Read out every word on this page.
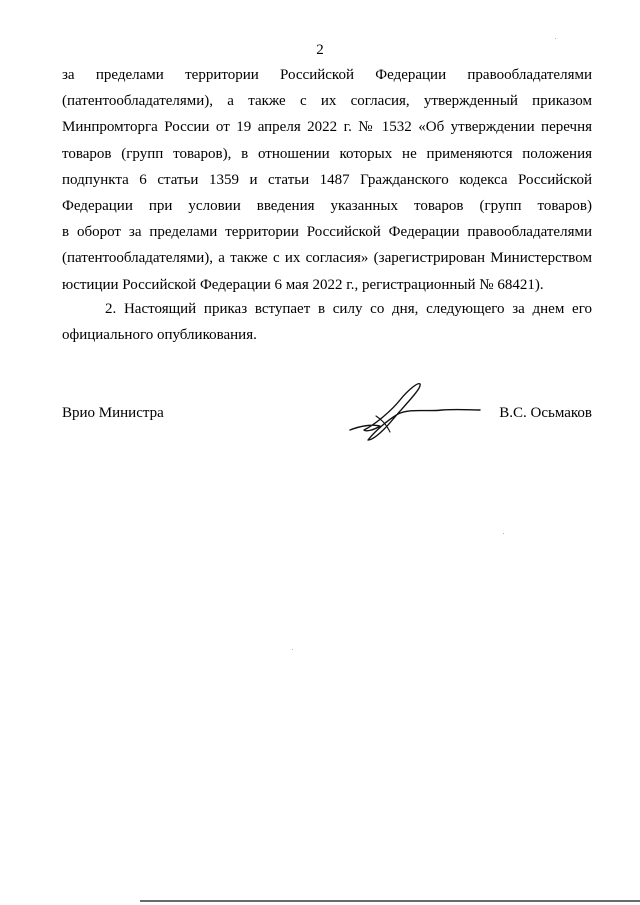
2
за пределами территории Российской Федерации правообладателями
(патентообладателями), а также с их согласия, утвержденный приказом
Минпромторга России от 19 апреля 2022 г. № 1532 «Об утверждении перечня
товаров (групп товаров), в отношении которых не применяются положения
подпункта 6 статьи 1359 и статьи 1487 Гражданского кодекса Российской
Федерации при условии введения указанных товаров (групп товаров)
в оборот за пределами территории Российской Федерации правообладателями
(патентообладателями), а также с их согласия» (зарегистрирован Министерством
юстиции Российской Федерации 6 мая 2022 г., регистрационный № 68421).
2. Настоящий приказ вступает в силу со дня, следующего за днем его
официального опубликования.
Врио Министра	В.С. Осьмаков
